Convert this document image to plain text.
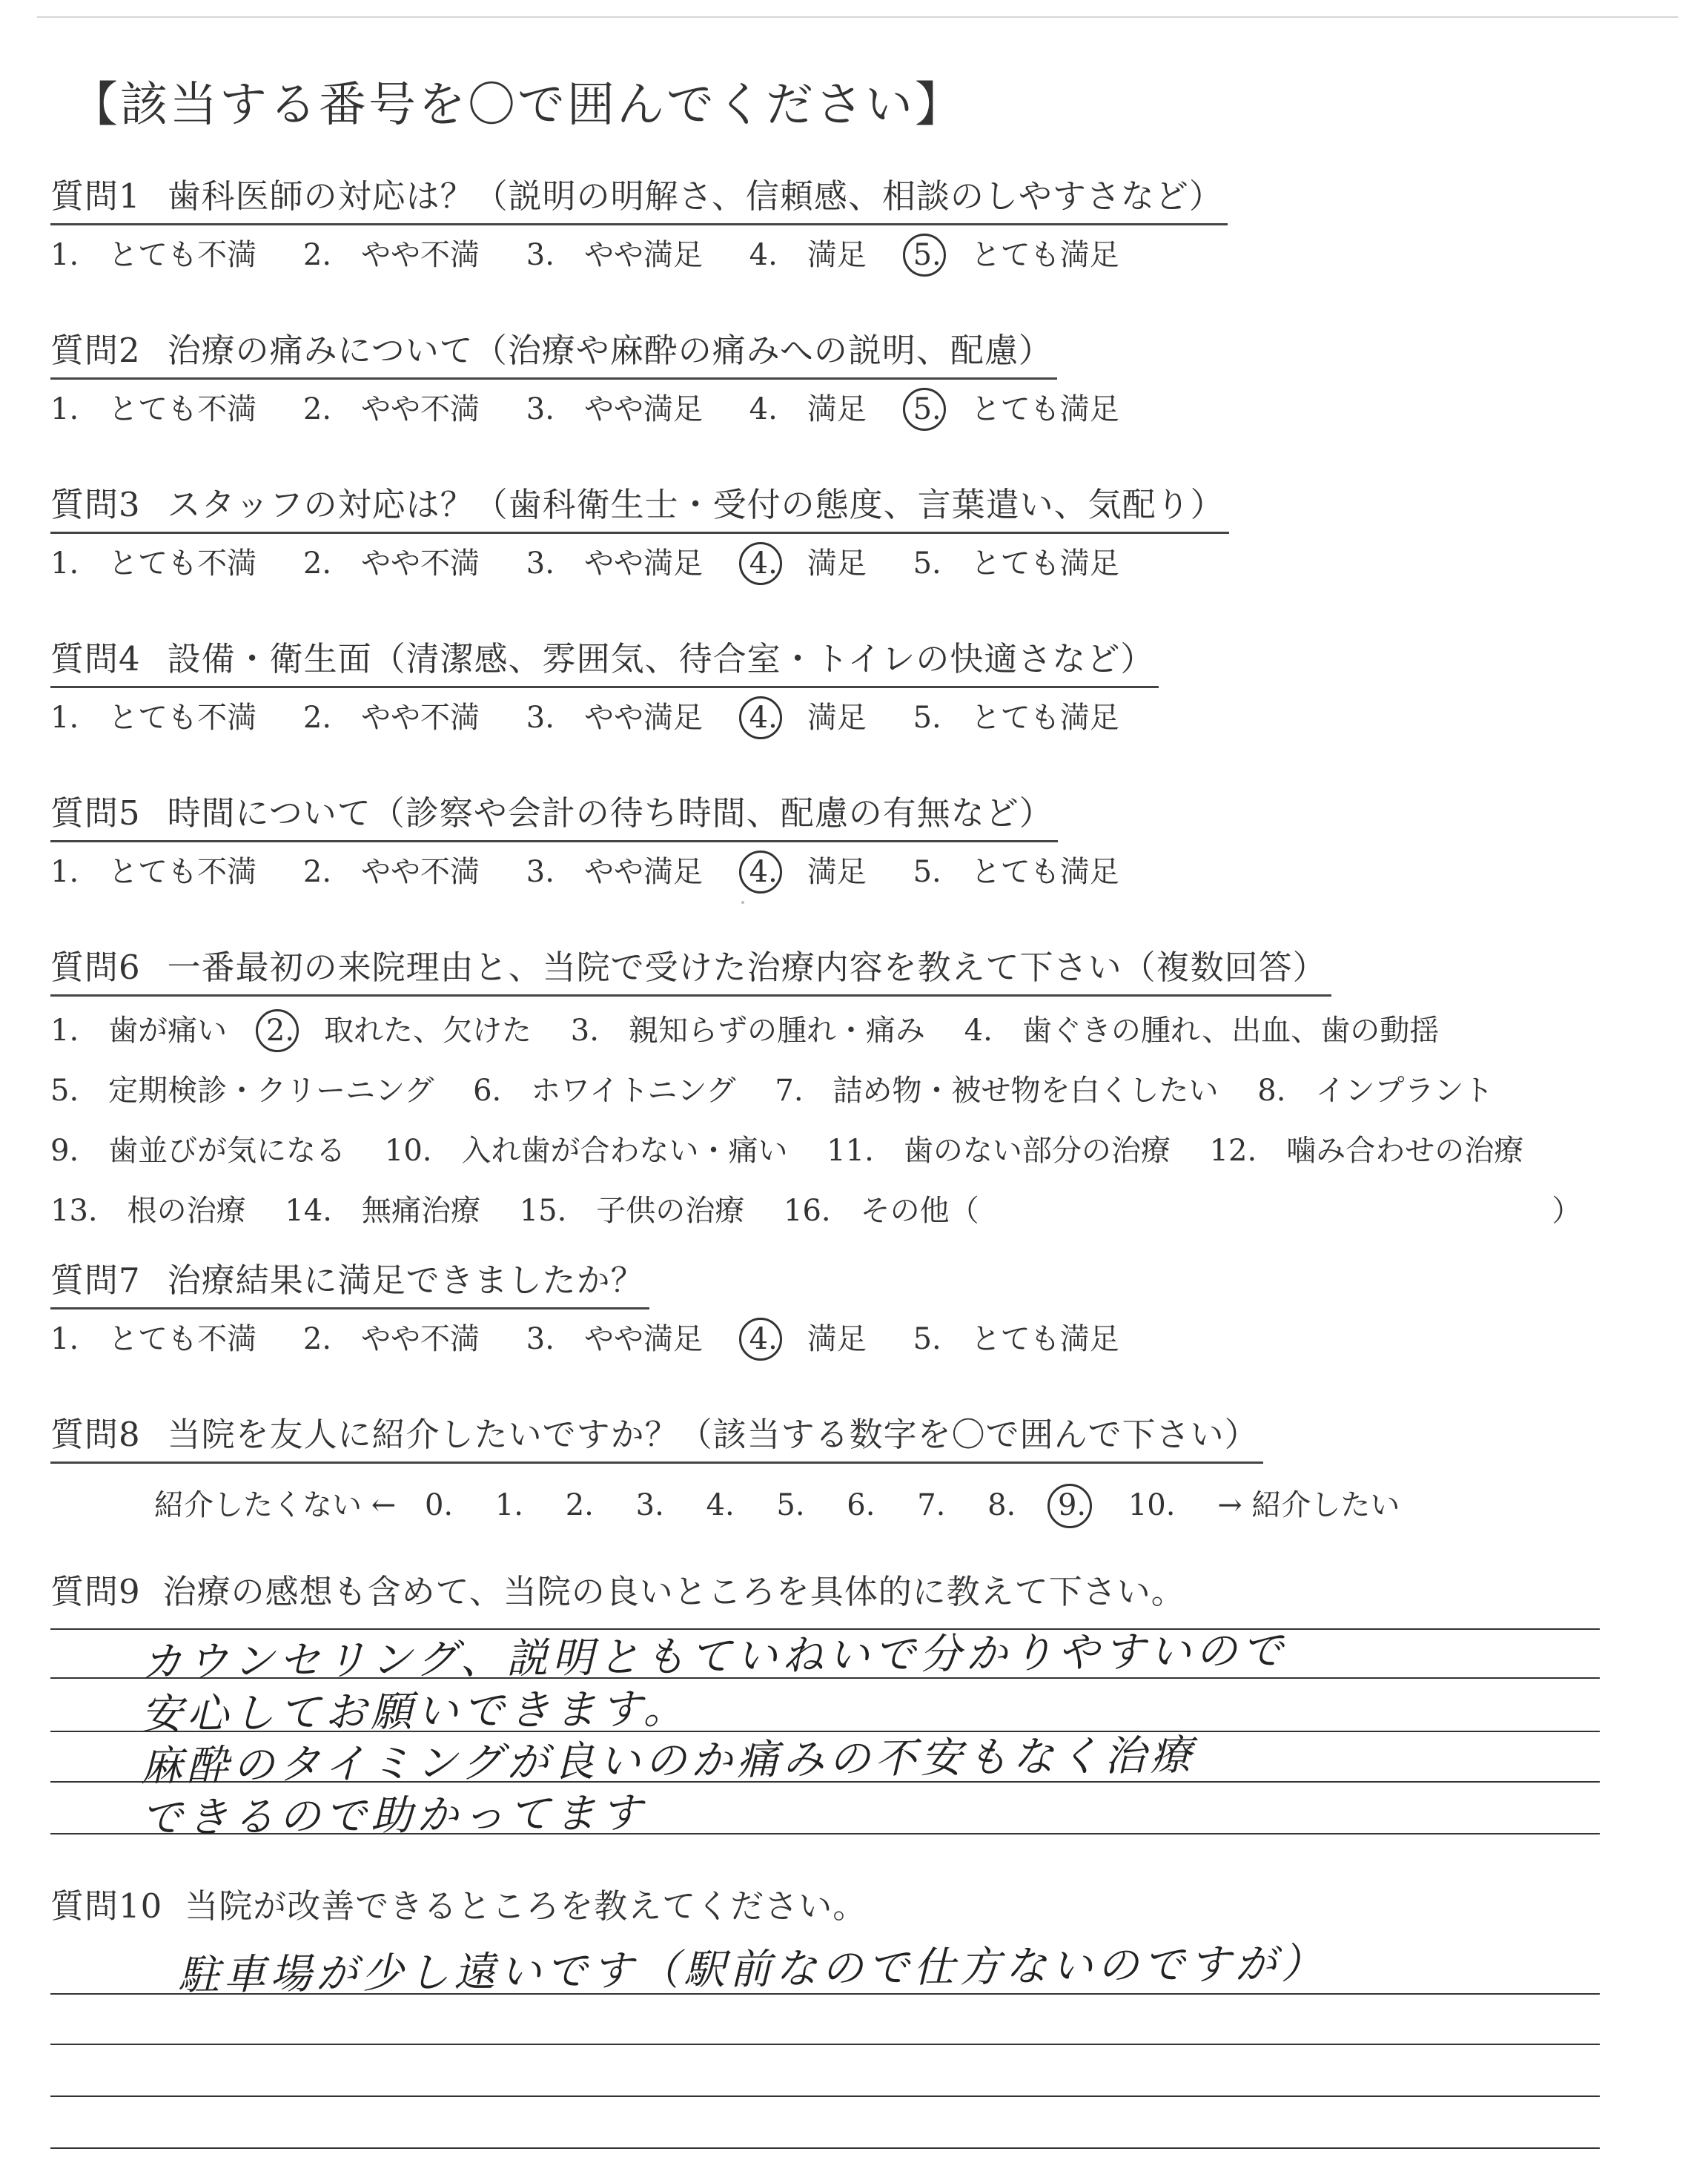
【該当する番号を〇で囲んでください】
質問1 歯科医師の対応は？（説明の明解さ、信頼感、相談のしやすさなど）
1.　とても不満 2.　やや不満 3.　やや満足 4.　満足 5.　とても満足
質問2 治療の痛みについて（治療や麻酔の痛みへの説明、配慮）
1.　とても不満 2.　やや不満 3.　やや満足 4.　満足 5.　とても満足
質問3 スタッフの対応は？（歯科衛生士・受付の態度、言葉遣い、気配り）
1.　とても不満 2.　やや不満 3.　やや満足 4.　満足 5.　とても満足
質問4 設備・衛生面（清潔感、雰囲気、待合室・トイレの快適さなど）
1.　とても不満 2.　やや不満 3.　やや満足 4.　満足 5.　とても満足
質問5 時間について（診察や会計の待ち時間、配慮の有無など）
1.　とても不満 2.　やや不満 3.　やや満足 4.　満足 5.　とても満足
質問6 一番最初の来院理由と、当院で受けた治療内容を教えて下さい（複数回答）
1.　歯が痛い 2.　取れた、欠けた 3.　親知らずの腫れ・痛み 4.　歯ぐきの腫れ、出血、歯の動揺
5.　定期検診・クリーニング 6.　ホワイトニング 7.　詰め物・被せ物を白くしたい 8.　インプラント
9.　歯並びが気になる 10.　入れ歯が合わない・痛い 11.　歯のない部分の治療 12.　噛み合わせの治療
13.　根の治療 14.　無痛治療 15.　子供の治療 16.　その他（	）
質問7 治療結果に満足できましたか？
1.　とても不満 2.　やや不満 3.　やや満足 4.　満足 5.　とても満足
質問8 当院を友人に紹介したいですか？（該当する数字を〇で囲んで下さい）
紹介したくない ← 0. 1. 2. 3. 4. 5. 6. 7. 8. 9. 10. → 紹介したい
質問9 治療の感想も含めて、当院の良いところを具体的に教えて下さい。
カウンセリング、説明ともていねいで分かりやすいので
安心してお願いできます。
麻酔のタイミングが良いのか痛みの不安もなく治療
できるので助かってます
質問10 当院が改善できるところを教えてください。
駐車場が少し遠いです（駅前なので仕方ないのですが）
